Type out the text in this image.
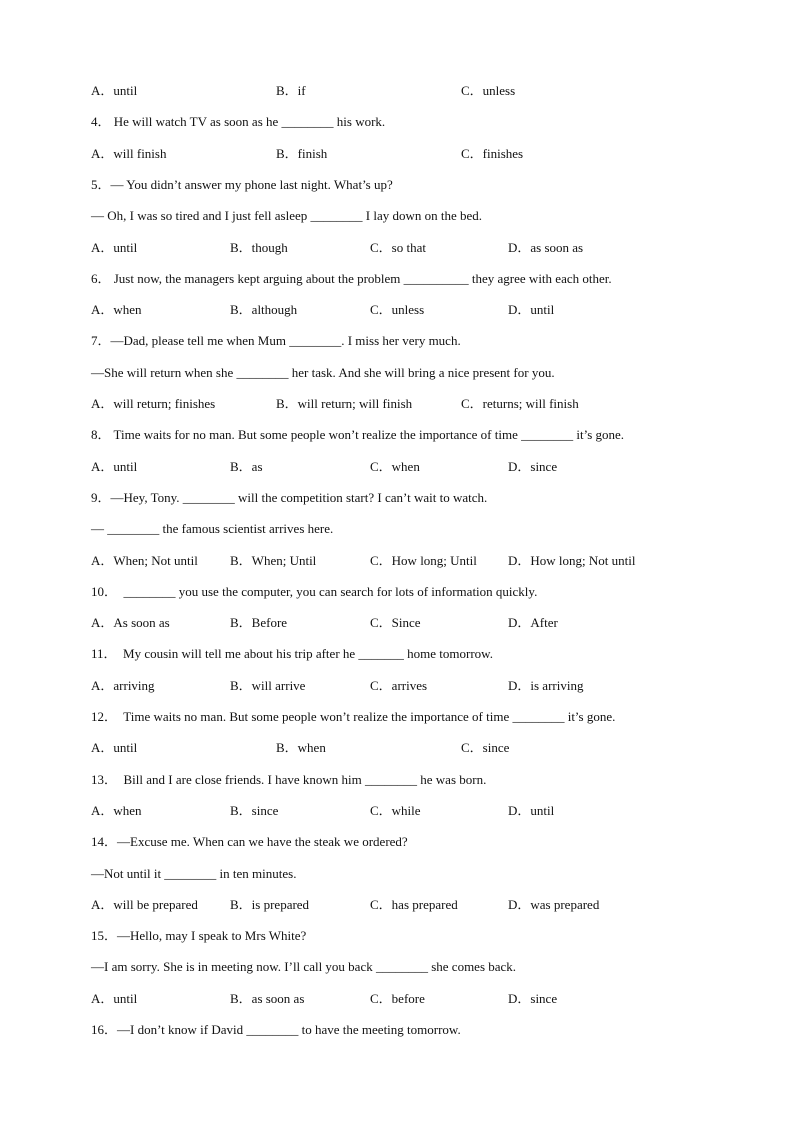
A．until	B．if	C．unless
4． He will watch TV as soon as he ________ his work.
A．will finish	B．finish	C．finishes
5．— You didn’t answer my phone last night. What’s up?
— Oh, I was so tired and I just fell asleep ________ I lay down on the bed.
A．until	B．though	C．so that	D．as soon as
6． Just now, the managers kept arguing about the problem __________ they agree with each other.
A．when	B．although	C．unless	D．until
7．—Dad, please tell me when Mum ________. I miss her very much.
—She will return when she ________ her task. And she will bring a nice present for you.
A．will return; finishes	B．will return; will finish	C．returns; will finish
8． Time waits for no man. But some people won’t realize the importance of time ________ it’s gone.
A．until	B．as	C．when	D．since
9．—Hey, Tony. ________ will the competition start? I can’t wait to watch.
— ________ the famous scientist arrives here.
A．When; Not until B．When; Until	C．How long; Until D．How long; Not until
10．  ________ you use the computer, you can search for lots of information quickly.
A．As soon as	B．Before	C．Since	D．After
11．  My cousin will tell me about his trip after he _______ home tomorrow.
A．arriving	B．will arrive	C．arrives	D．is arriving
12．  Time waits no man. But some people won’t realize the importance of time ________ it’s gone.
A．until	B．when	C．since
13．  Bill and I are close friends. I have known him ________ he was born.
A．when	B．since	C．while	D．until
14．—Excuse me. When can we have the steak we ordered?
—Not until it ________ in ten minutes.
A．will be prepared B．is prepared	C．has prepared	D．was prepared
15．—Hello, may I speak to Mrs White?
—I am sorry. She is in meeting now. I’ll call you back ________ she comes back.
A．until	B．as soon as	C．before	D．since
16．—I don’t know if David ________ to have the meeting tomorrow.
